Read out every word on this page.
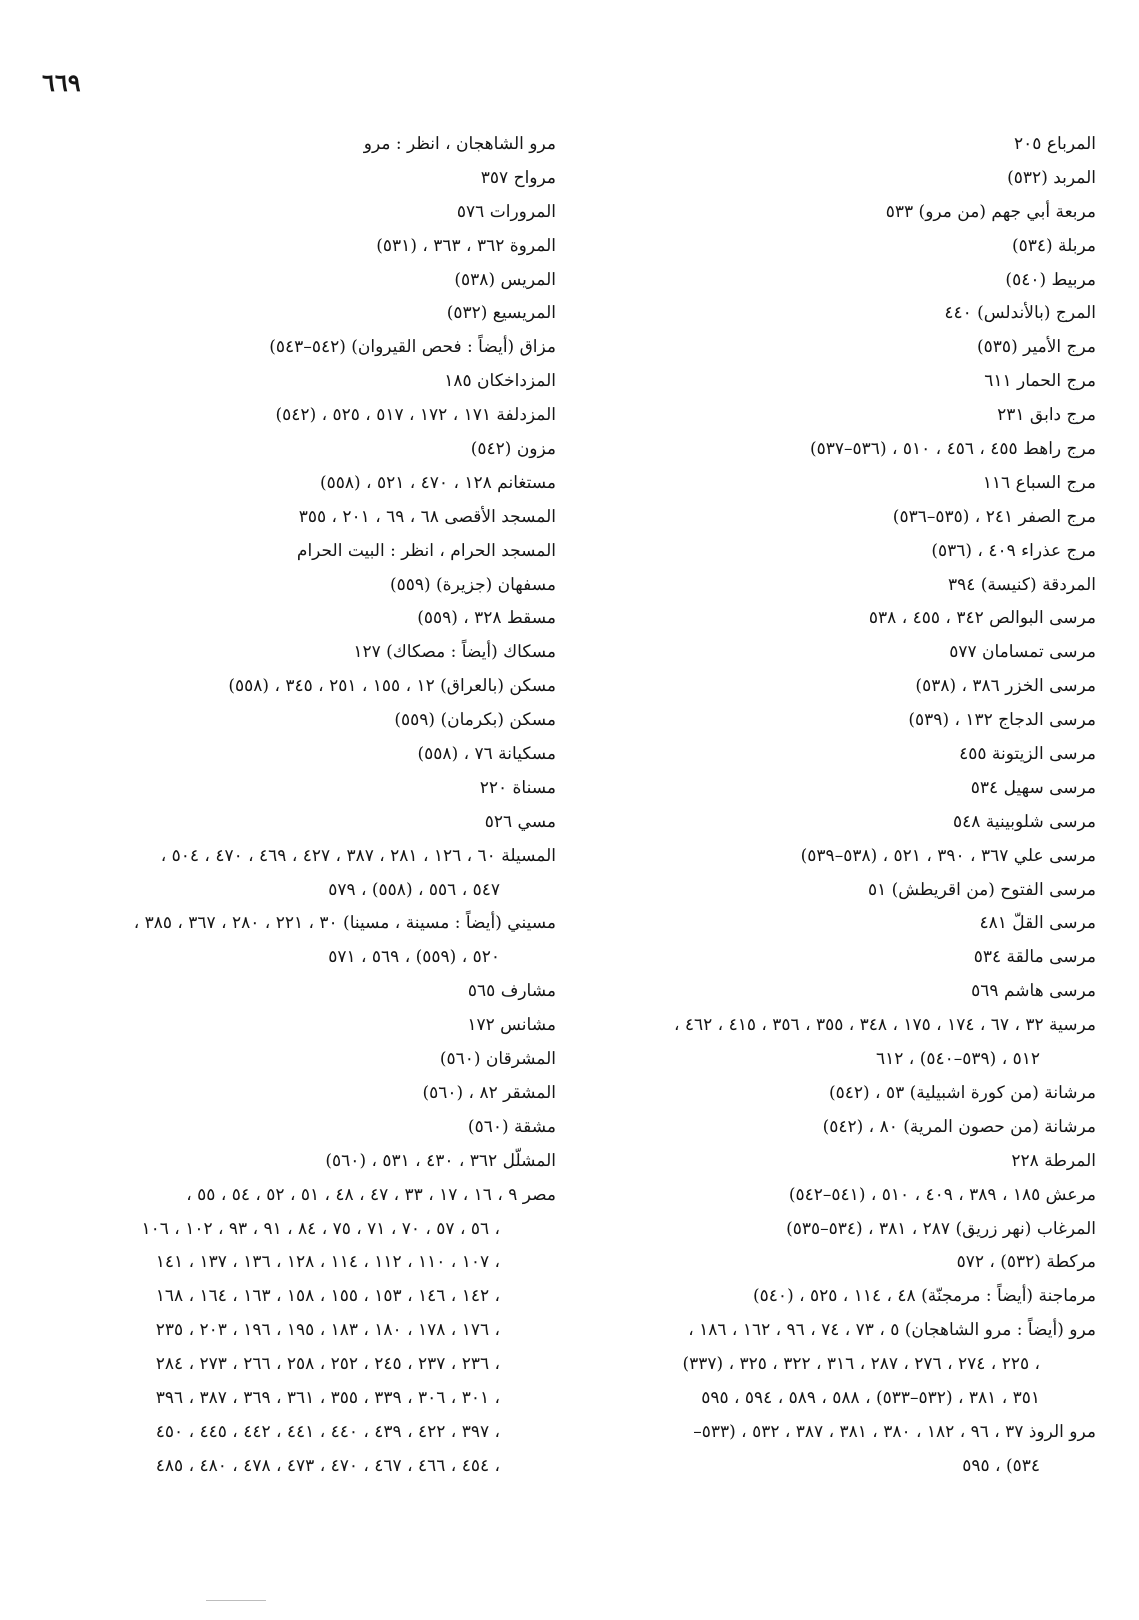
٦٦٩
المرباع ٢٠٥
المربد (٥٣٢)
مربعة أبي جهم (من مرو) ٥٣٣
مربلة (٥٣٤)
مربيط (٥٤٠)
المرج (بالأندلس) ٤٤٠
مرج الأمير (٥٣٥)
مرج الحمار ٦١١
مرج دابق ٢٣١
مرج راهط ٤٥٥ ، ٤٥٦ ، ٥١٠ ، (٥٣٦–٥٣٧)
مرج السباع ١١٦
مرج الصفر ٢٤١ ، (٥٣٥–٥٣٦)
مرج عذراء ٤٠٩ ، (٥٣٦)
المردقة (كنيسة) ٣٩٤
مرسى البوالص ٣٤٢ ، ٤٥٥ ، ٥٣٨
مرسى تمسامان ٥٧٧
مرسى الخزر ٣٨٦ ، (٥٣٨)
مرسى الدجاج ١٣٢ ، (٥٣٩)
مرسى الزيتونة ٤٥٥
مرسى سهيل ٥٣٤
مرسى شلوبينية ٥٤٨
مرسى علي ٣٦٧ ، ٣٩٠ ، ٥٢١ ، (٥٣٨–٥٣٩)
مرسى الفتوح (من اقريطش) ٥١
مرسى القلّ ٤٨١
مرسى مالقة ٥٣٤
مرسى هاشم ٥٦٩
مرسية ٣٢ ، ٦٧ ، ١٧٤ ، ١٧٥ ، ٣٤٨ ، ٣٥٥ ، ٣٥٦ ، ٤١٥ ، ٤٦٢ ،
٥١٢ ، (٥٣٩–٥٤٠) ، ٦١٢
مرشانة (من كورة اشبيلية) ٥٣ ، (٥٤٢)
مرشانة (من حصون المرية) ٨٠ ، (٥٤٢)
المرطة ٢٢٨
مرعش ١٨٥ ، ٣٨٩ ، ٤٠٩ ، ٥١٠ ، (٥٤١–٥٤٢)
المرغاب (نهر زريق) ٢٨٧ ، ٣٨١ ، (٥٣٤–٥٣٥)
مركطة (٥٣٢) ، ٥٧٢
مرماجنة (أيضاً : مرمجنّة) ٤٨ ، ١١٤ ، ٥٢٥ ، (٥٤٠)
مرو (أيضاً : مرو الشاهجان) ٥ ، ٧٣ ، ٧٤ ، ٩٦ ، ١٦٢ ، ١٨٦ ،
٢٢٥ ، ٢٧٤ ، ٢٧٦ ، ٢٨٧ ، ٣١٦ ، ٣٢٢ ، ٣٢٥ ، (٣٣٧) ،
٣٥١ ، ٣٨١ ، (٥٣٢–٥٣٣) ، ٥٨٨ ، ٥٨٩ ، ٥٩٤ ، ٥٩٥
مرو الروذ ٣٧ ، ٩٦ ، ١٨٢ ، ٣٨٠ ، ٣٨١ ، ٣٨٧ ، ٥٣٢ ، (٥٣٣–
٥٣٤) ، ٥٩٥
مرو الشاهجان ، انظر : مرو
مرواح ٣٥٧
المرورات ٥٧٦
المروة ٣٦٢ ، ٣٦٣ ، (٥٣١)
المريس (٥٣٨)
المريسيع (٥٣٢)
مزاق (أيضاً : فحص القيروان) (٥٤٢–٥٤٣)
المزداخكان ١٨٥
المزدلفة ١٧١ ، ١٧٢ ، ٥١٧ ، ٥٢٥ ، (٥٤٢)
مزون (٥٤٢)
مستغانم ١٢٨ ، ٤٧٠ ، ٥٢١ ، (٥٥٨)
المسجد الأقصى ٦٨ ، ٦٩ ، ٢٠١ ، ٣٥٥
المسجد الحرام ، انظر : البيت الحرام
مسفهان (جزيرة) (٥٥٩)
مسقط ٣٢٨ ، (٥٥٩)
مسكاك (أيضاً : مصكاك) ١٢٧
مسكن (بالعراق) ١٢ ، ١٥٥ ، ٢٥١ ، ٣٤٥ ، (٥٥٨)
مسكن (بكرمان) (٥٥٩)
مسكيانة ٧٦ ، (٥٥٨)
مسناة ٢٢٠
مسي ٥٢٦
المسيلة ٦٠ ، ١٢٦ ، ٢٨١ ، ٣٨٧ ، ٤٢٧ ، ٤٦٩ ، ٤٧٠ ، ٥٠٤ ،
٥٤٧ ، ٥٥٦ ، (٥٥٨) ، ٥٧٩
مسيني (أيضاً : مسينة ، مسينا) ٣٠ ، ٢٢١ ، ٢٨٠ ، ٣٦٧ ، ٣٨٥ ،
٥٢٠ ، (٥٥٩) ، ٥٦٩ ، ٥٧١
مشارف ٥٦٥
مشانس ١٧٢
المشرقان (٥٦٠)
المشقر ٨٢ ، (٥٦٠)
مشقة (٥٦٠)
المشلّل ٣٦٢ ، ٤٣٠ ، ٥٣١ ، (٥٦٠)
مصر ٩ ، ١٦ ، ١٧ ، ٣٣ ، ٤٧ ، ٤٨ ، ٥١ ، ٥٢ ، ٥٤ ، ٥٥ ،
٥٦ ، ٥٧ ، ٧٠ ، ٧١ ، ٧٥ ، ٨٤ ، ٩١ ، ٩٣ ، ١٠٢ ، ١٠٦ ،
١٠٧ ، ١١٠ ، ١١٢ ، ١١٤ ، ١٢٨ ، ١٣٦ ، ١٣٧ ، ١٤١ ،
١٤٢ ، ١٤٦ ، ١٥٣ ، ١٥٥ ، ١٥٨ ، ١٦٣ ، ١٦٤ ، ١٦٨ ،
١٧٦ ، ١٧٨ ، ١٨٠ ، ١٨٣ ، ١٩٥ ، ١٩٦ ، ٢٠٣ ، ٢٣٥ ،
٢٣٦ ، ٢٣٧ ، ٢٤٥ ، ٢٥٢ ، ٢٥٨ ، ٢٦٦ ، ٢٧٣ ، ٢٨٤ ،
٣٠١ ، ٣٠٦ ، ٣٣٩ ، ٣٥٥ ، ٣٦١ ، ٣٦٩ ، ٣٨٧ ، ٣٩٦ ،
٣٩٧ ، ٤٢٢ ، ٤٣٩ ، ٤٤٠ ، ٤٤١ ، ٤٤٢ ، ٤٤٥ ، ٤٥٠ ،
٤٥٤ ، ٤٦٦ ، ٤٦٧ ، ٤٧٠ ، ٤٧٣ ، ٤٧٨ ، ٤٨٠ ، ٤٨٥ ،
